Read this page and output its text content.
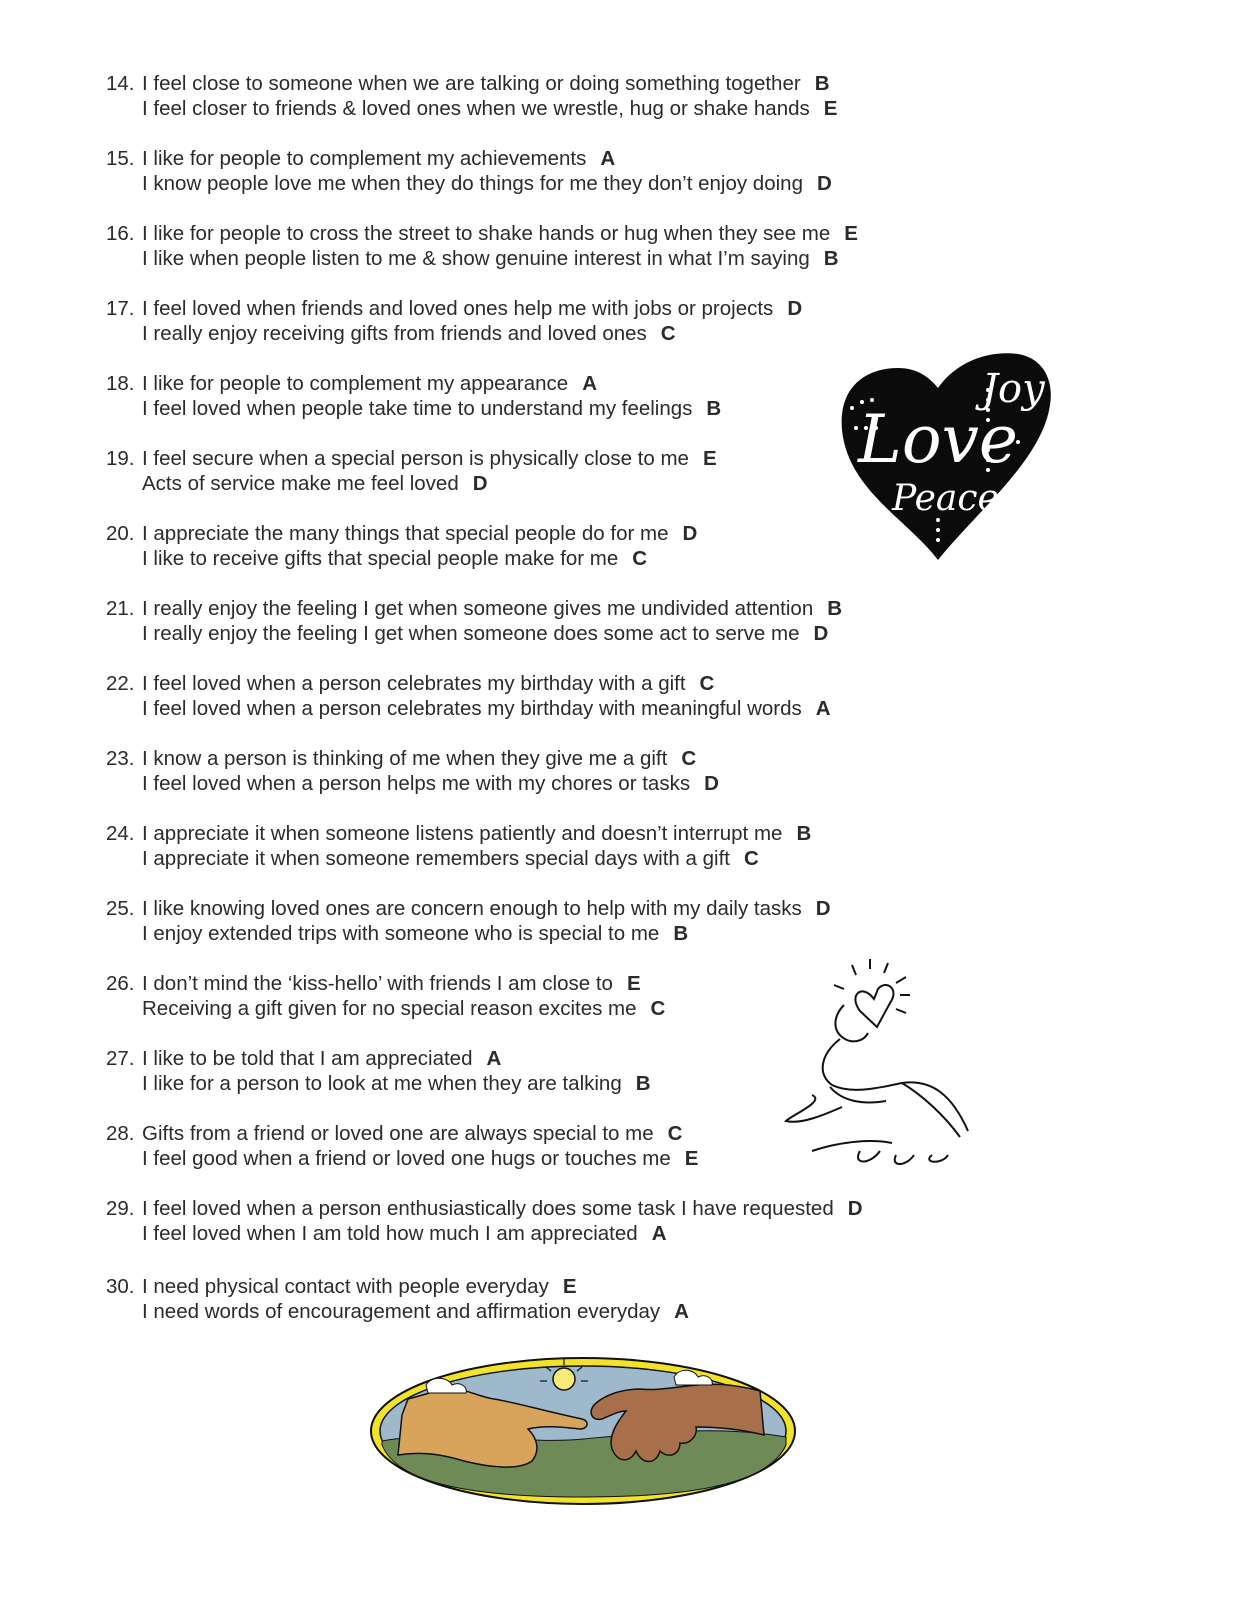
14. I feel close to someone when we are talking or doing something together B
I feel closer to friends & loved ones when we wrestle, hug or shake hands E
15. I like for people to complement my achievements A
I know people love me when they do things for me they don’t enjoy doing D
16. I like for people to cross the street to shake hands or hug when they see me E
I like when people listen to me & show genuine interest in what I’m saying B
17. I feel loved when friends and loved ones help me with jobs or projects D
I really enjoy receiving gifts from friends and loved ones C
18. I like for people to complement my appearance A
I feel loved when people take time to understand my feelings B
19. I feel secure when a special person is physically close to me E
Acts of service make me feel loved D
20. I appreciate the many things that special people do for me D
I like to receive gifts that special people make for me C
21. I really enjoy the feeling I get when someone gives me undivided attention B
I really enjoy the feeling I get when someone does some act to serve me D
22. I feel loved when a person celebrates my birthday with a gift C
I feel loved when a person celebrates my birthday with meaningful words A
23. I know a person is thinking of me when they give me a gift C
I feel loved when a person helps me with my chores or tasks D
24. I appreciate it when someone listens patiently and doesn’t interrupt me B
I appreciate it when someone remembers special days with a gift C
25. I like knowing loved ones are concern enough to help with my daily tasks D
I enjoy extended trips with someone who is special to me B
26. I don’t mind the ‘kiss-hello’ with friends I am close to E
Receiving a gift given for no special reason excites me C
27. I like to be told that I am appreciated A
I like for a person to look at me when they are talking B
28. Gifts from a friend or loved one are always special to me C
I feel good when a friend or loved one hugs or touches me E
29. I feel loved when a person enthusiastically does some task I have requested D
I feel loved when I am told how much I am appreciated A
30. I need physical contact with people everyday E
I need words of encouragement and affirmation everyday A
Joy
Love
Peace
